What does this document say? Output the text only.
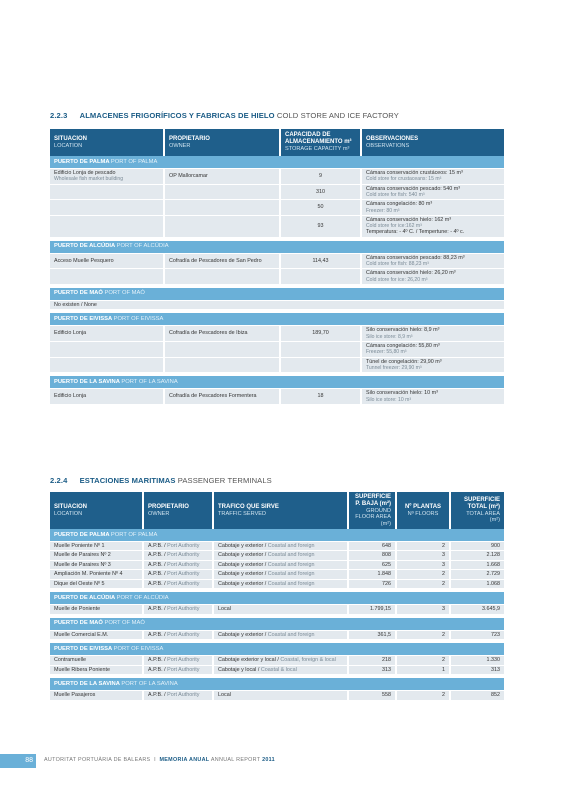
2.2.3 ALMACENES FRIGORÍFICOS Y FABRICAS DE HIELO COLD STORE AND ICE FACTORY
SITUACION
LOCATION	PROPIETARIO
OWNER	CAPACIDAD DE ALMACENAMIENTO m³
STORAGE CAPACITY m³	OBSERVACIONES
OBSERVATIONS

PUERTO DE PALMA PORT OF PALMA			
Edificio Lonja de pescado
Wholesale fish market building	OP Mallorcamar	9	Cámara conservación crustáceos: 15 m³
Cold store for crustaceans: 15 m³

		310	Cámara conservación pescado: 540 m³
Cold store for fish: 540 m³

		50	Cámara congelación: 80 m³
Freezer: 80 m³

		93	Cámara conservación hielo: 162 m³
Cold store for ice:162 m³
Temperatura: - 4º C. / Tempertune: - 4º c.

PUERTO DE ALCÚDIA PORT OF ALCÚDIA			
Acceso Muelle Pesquero	Cofradía de Pescadores de San Pedro	114,43	Cámara conservación pescado: 88,23 m³
Cold store for fish: 88,23 m³

			Cámara conservación hielo: 26,20 m³
Cold store for ice: 26,20 m³

PUERTO DE MAÓ PORT OF MAÓ			
No existen / None			

PUERTO DE EIVISSA PORT OF EIVISSA			
Edificio Lonja	Cofradía de Pescadores de Ibiza	189,70	Silo conservación hielo: 8,9 m³
Silo ice store: 8,9 m³

			Cámara congelación: 55,80 m³
Freezer: 55,80 m³

			Túnel de congelación: 29,90 m³
Tunnel freezer: 29,90 m³

PUERTO DE LA SAVINA PORT OF LA SAVINA			
Edificio Lonja	Cofradía de Pescadores Formentera	18	Silo conservación hielo: 10 m³
Silo ice store: 10 m³
2.2.4 ESTACIONES MARITIMAS PASSENGER TERMINALS
SITUACION
LOCATION	PROPIETARIO
OWNER	TRAFICO QUE SIRVE
TRAFFIC SERVED	SUPERFICIE P. BAJA (m²)
GROUND FLOOR AREA (m²)	Nº PLANTAS
Nº FLOORS	SUPERFICIE TOTAL (m²)
TOTAL AREA (m²)

PUERTO DE PALMA PORT OF PALMA					
Muelle Poniente Nº 1	A.P.B. / Port Authority	Cabotaje y exterior / Coastal and foreign	648	2	900
Muelle de Paraires Nº 2	A.P.B. / Port Authority	Cabotaje y exterior / Coastal and foreign	808	3	2.128
Muelle de Paraires Nº 3	A.P.B. / Port Authority	Cabotaje y exterior / Coastal and foreign	625	3	1.668
Ampliación M. Poniente Nº 4	A.P.B. / Port Authority	Cabotaje y exterior / Coastal and foreign	1.848	2	2.729
Dique del Oeste Nº 5	A.P.B. / Port Authority	Cabotaje y exterior / Coastal and foreign	726	2	1.068

PUERTO DE ALCÚDIA PORT OF ALCÚDIA					
Muelle de Poniente	A.P.B. / Port Authority	Local	1.799,15	3	3.645,9

PUERTO DE MAÓ PORT OF MAÓ					
Muelle Comercial E.M.	A.P.B. / Port Authority	Cabotaje y exterior / Coastal and foreign	361,5	2	723

PUERTO DE EIVISSA PORT OF EIVISSA					
Contramuelle	A.P.B. / Port Authority	Cabotaje exterior y local / Coastal, foreign & local	218	2	1.330
Muelle Ribera Poniente	A.P.B. / Port Authority	Cabotaje y local / Coastal & local	313	1	313

PUERTO DE LA SAVINA PORT OF LA SAVINA					
Muelle Pasajeros	A.P.B. / Port Authority	Local	558	2	852
88	AUTORITAT PORTUÀRIA DE BALEARS I MEMORIA ANUAL ANNUAL REPORT 2011
